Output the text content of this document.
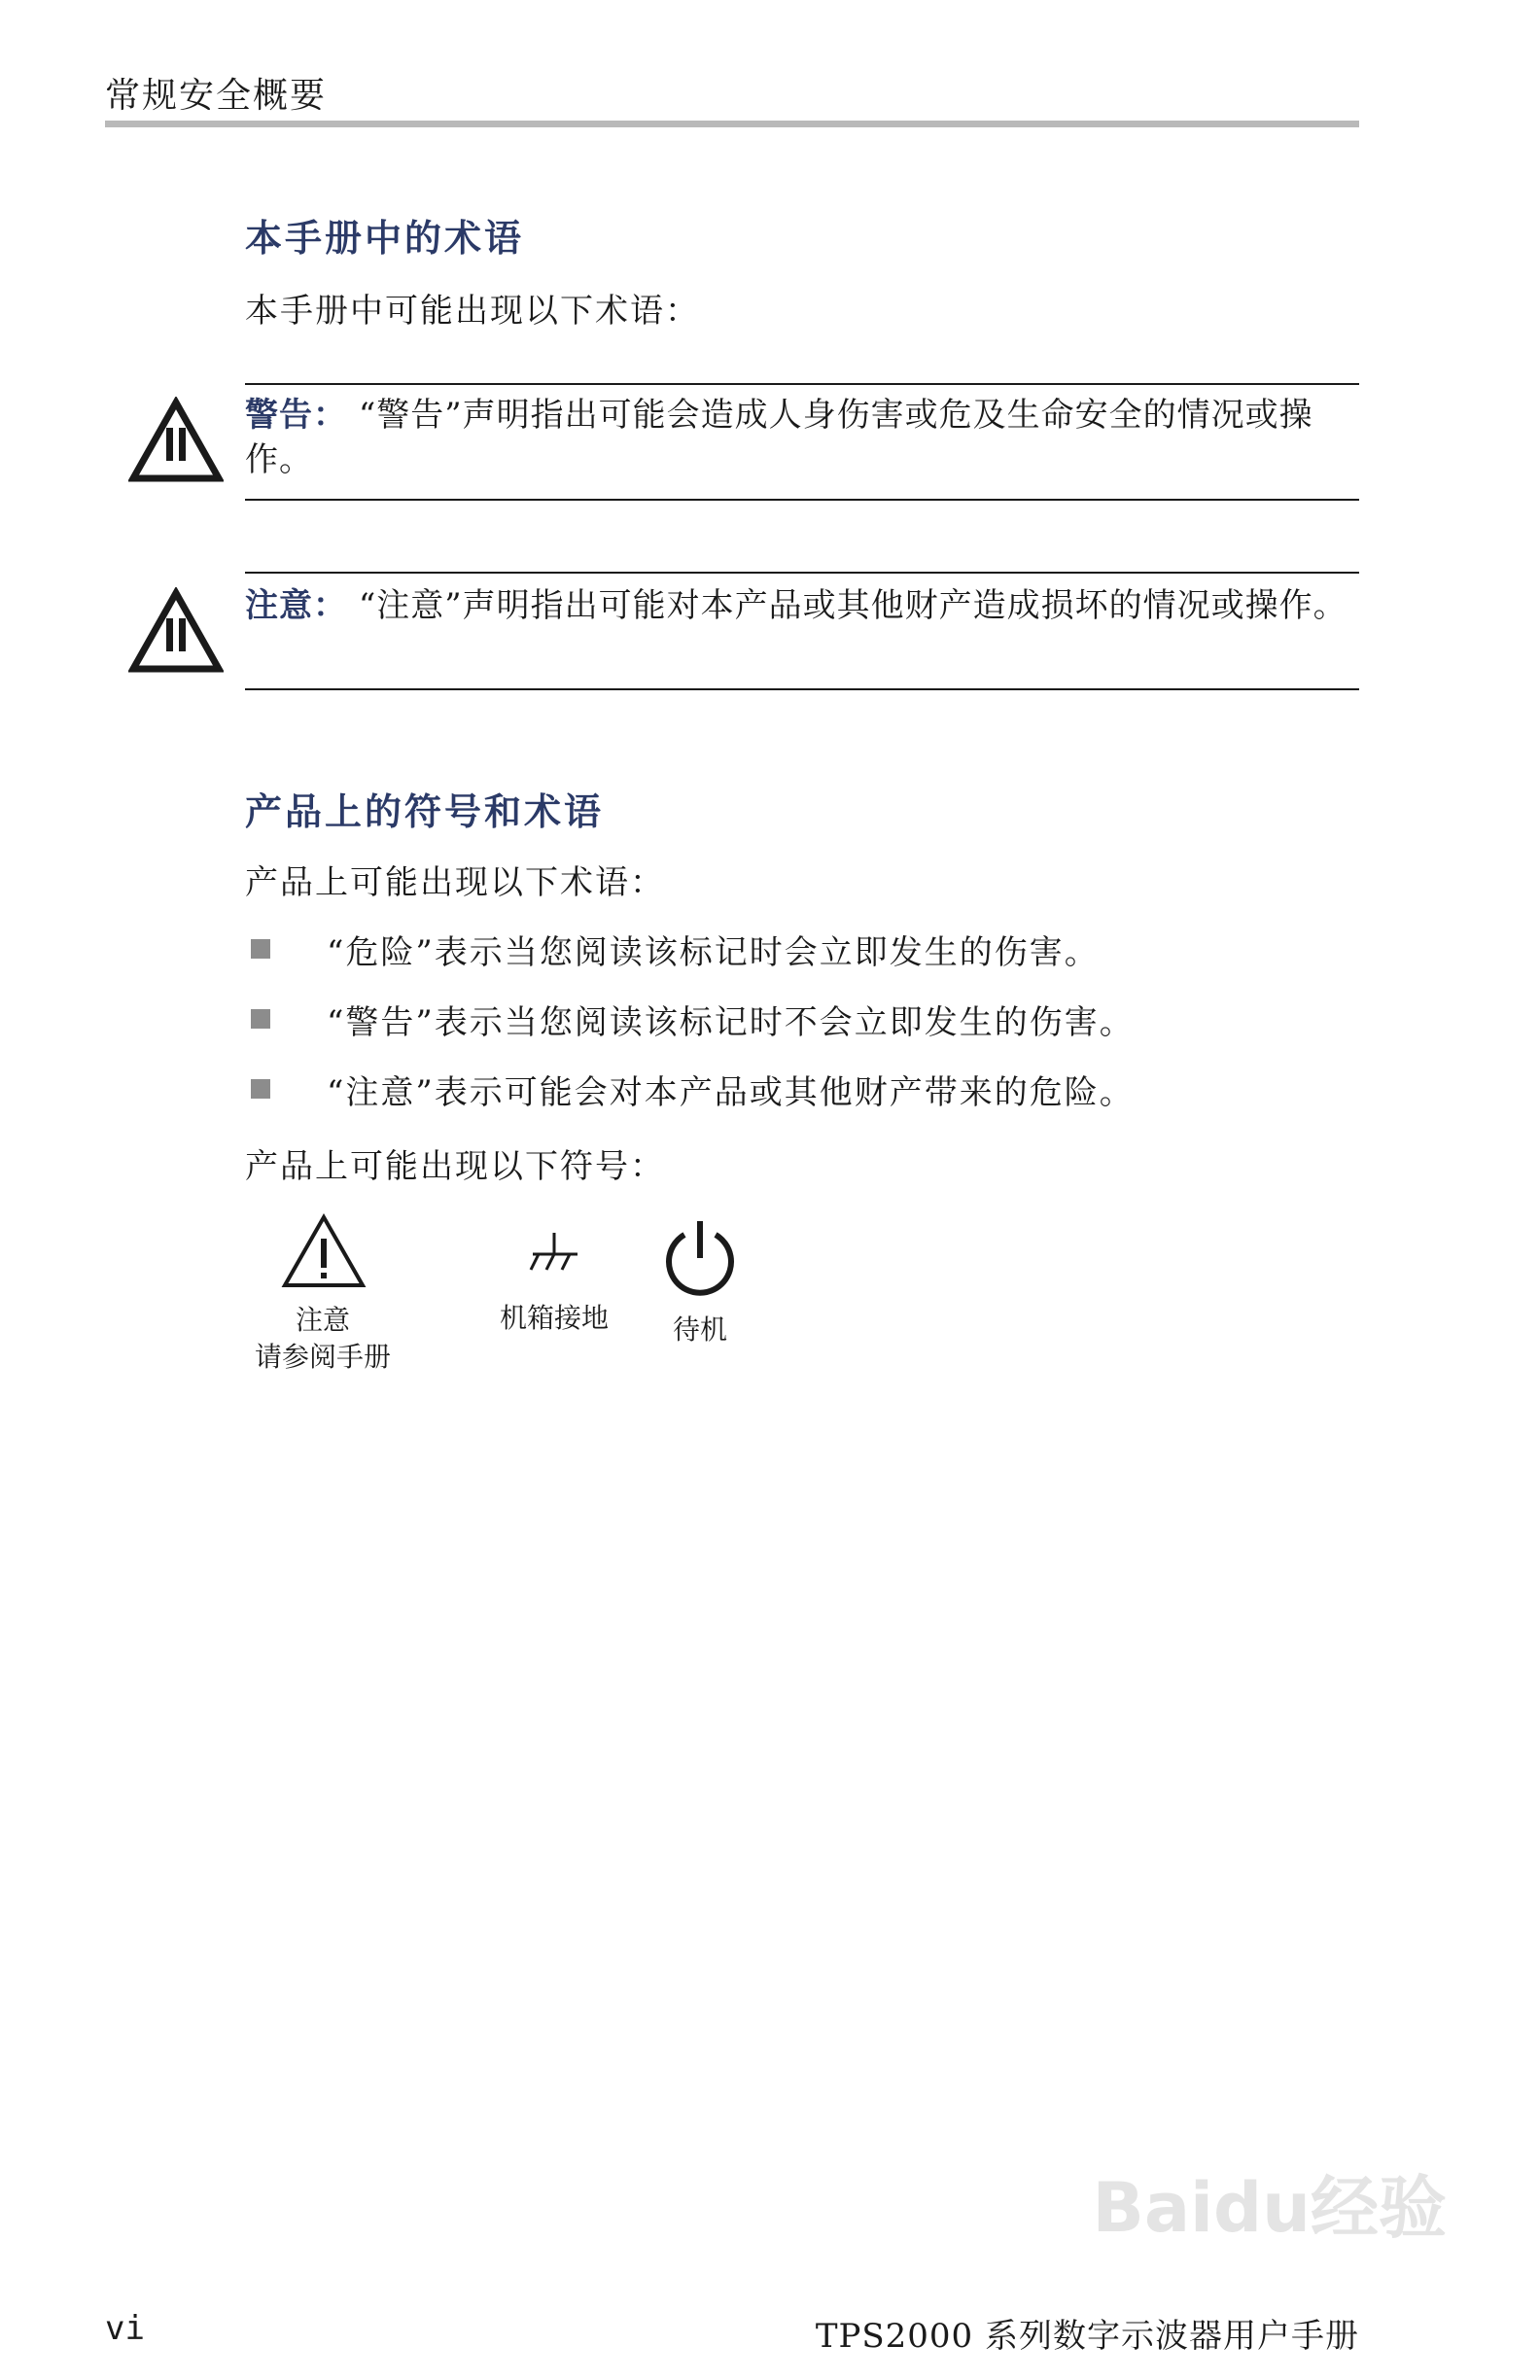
常规安全概要
本手册中的术语
本手册中可能出现以下术语：
警告： “警告”声明指出可能会造成人身伤害或危及生命安全的情况或操作。
注意： “注意”声明指出可能对本产品或其他财产造成损坏的情况或操作。
产品上的符号和术语
产品上可能出现以下术语：
“危险”表示当您阅读该标记时会立即发生的伤害。
“警告”表示当您阅读该标记时不会立即发生的伤害。
“注意”表示可能会对本产品或其他财产带来的危险。
产品上可能出现以下符号：
注意
请参阅手册
机箱接地	待机
Baidu经验
vi	TPS2000 系列数字示波器用户手册
